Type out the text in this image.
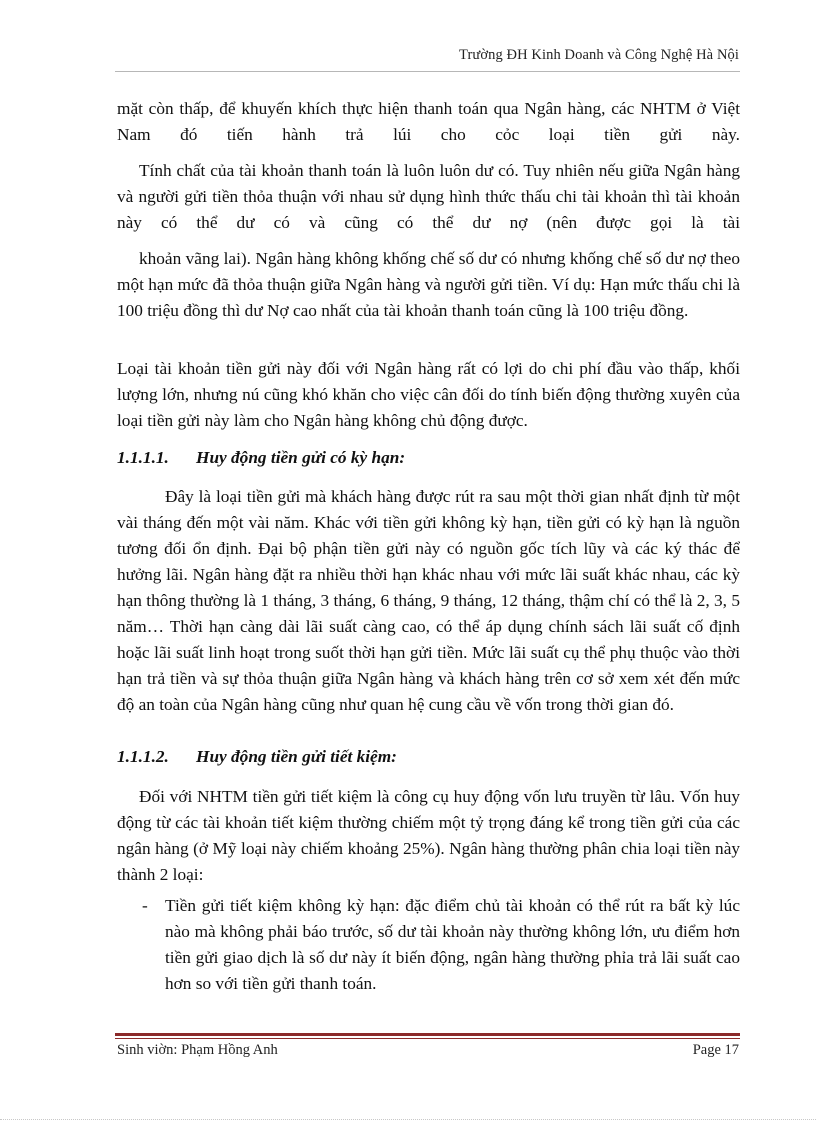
Trường ĐH Kinh Doanh và Công Nghệ Hà Nội

mặt còn thấp, để khuyến khích thực hiện thanh toán qua Ngân hàng, các NHTM ở Việt Nam đó tiến hành trả lúi cho cỏc loại tiền gửi này.

Tính chất của tài khoản thanh toán là luôn luôn dư có. Tuy nhiên nếu giữa Ngân hàng và người gửi tiền thỏa thuận với nhau sử dụng hình thức thấu chi tài khoản thì tài khoản này có thể dư có và cũng có thể dư nợ (nên được gọi là tài

khoản vãng lai). Ngân hàng không khống chế số dư có nhưng khống chế số dư nợ theo một hạn mức đã thỏa thuận giữa Ngân hàng và người gửi tiền. Ví dụ: Hạn mức thấu chi là 100 triệu đồng thì dư Nợ cao nhất của tài khoản thanh toán cũng là 100 triệu đồng.

Loại tài khoản tiền gửi này đối với Ngân hàng rất có lợi do chi phí đầu vào thấp, khối lượng lớn, nhưng nú cũng khó khăn cho việc cân đối do tính biến động thường xuyên của loại tiền gửi này làm cho Ngân hàng không chủ động được.

1.1.1.1. Huy động tiền gửi có kỳ hạn:

Đây là loại tiền gửi mà khách hàng được rút ra sau một thời gian nhất định từ một vài tháng đến một vài năm. Khác với tiền gửi không kỳ hạn, tiền gửi có kỳ hạn là nguồn tương đối ổn định. Đại bộ phận tiền gửi này có nguồn gốc tích lũy và các ký thác để hưởng lãi. Ngân hàng đặt ra nhiều thời hạn khác nhau với mức lãi suất khác nhau, các kỳ hạn thông thường là 1 tháng, 3 tháng, 6 tháng, 9 tháng, 12 tháng, thậm chí có thể là 2, 3, 5 năm… Thời hạn càng dài lãi suất càng cao, có thể áp dụng chính sách lãi suất cố định hoặc lãi suất linh hoạt trong suốt thời hạn gửi tiền. Mức lãi suất cụ thể phụ thuộc vào thời hạn trả tiền và sự thỏa thuận giữa Ngân hàng và khách hàng trên cơ sở xem xét đến mức độ an toàn của Ngân hàng cũng như quan hệ cung cầu về vốn trong thời gian đó.

1.1.1.2. Huy động tiền gửi tiết kiệm:

Đối với NHTM tiền gửi tiết kiệm là công cụ huy động vốn lưu truyền từ lâu. Vốn huy động từ các tài khoản tiết kiệm thường chiếm một tỷ trọng đáng kể trong tiền gửi của các ngân hàng (ở Mỹ loại này chiếm khoảng 25%). Ngân hàng thường phân chia loại tiền này thành 2 loại:

- Tiền gửi tiết kiệm không kỳ hạn: đặc điểm chủ tài khoản có thể rút ra bất kỳ lúc nào mà không phải báo trước, số dư tài khoản này thường không lớn, ưu điểm hơn tiền gửi giao dịch là số dư này ít biến động, ngân hàng thường phỉa trả lãi suất cao hơn so với tiền gửi thanh toán.

Sinh viờn: Phạm Hồng Anh	Page 17
